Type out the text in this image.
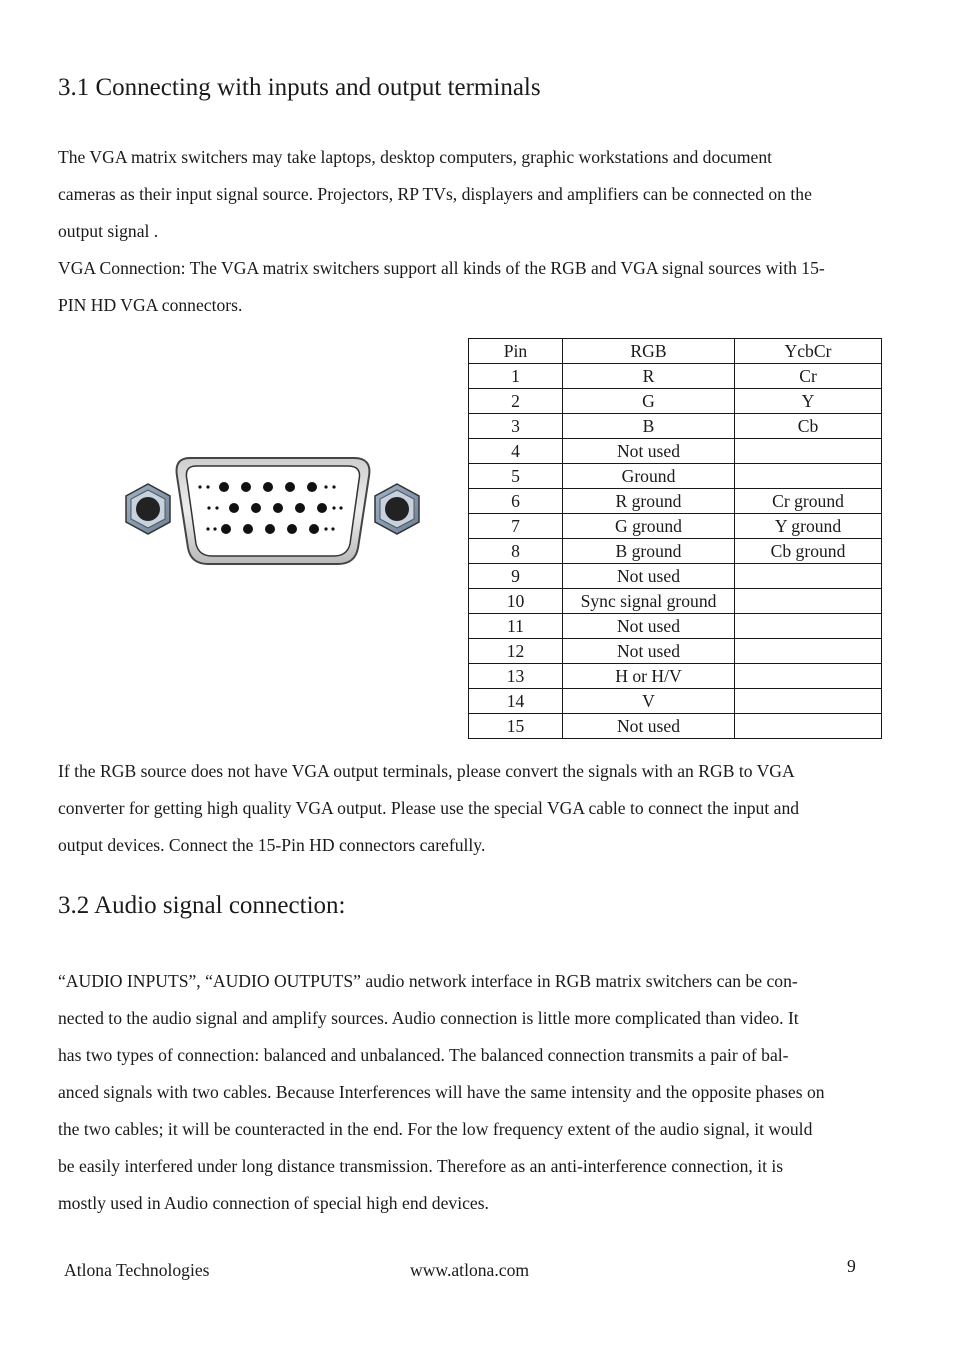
3.1 Connecting with inputs and output terminals

The VGA matrix switchers may take laptops, desktop computers, graphic workstations and document
cameras as their input signal source. Projectors, RP TVs, displayers and amplifiers can be connected on the
output signal .

VGA Connection: The VGA matrix switchers support all kinds of the RGB and VGA signal sources with 15-
PIN HD VGA connectors.

Pin	RGB	YcbCr
1	R	Cr
2	G	Y
3	B	Cb
4	Not used	
5	Ground	
6	R ground	Cr ground
7	G ground	Y ground
8	B ground	Cb ground
9	Not used	
10	Sync signal ground	
11	Not used	
12	Not used	
13	H or H/V	
14	V	
15	Not used	

If the RGB source does not have VGA output terminals, please convert the signals with an RGB to VGA
converter for getting high quality VGA output. Please use the special VGA cable to connect the input and
output devices. Connect the 15-Pin HD connectors carefully.

3.2 Audio signal connection:

“AUDIO INPUTS”, “AUDIO OUTPUTS” audio network interface in RGB matrix switchers can be con-
nected to the audio signal and amplify sources. Audio connection is little more complicated than video. It
has two types of connection: balanced and unbalanced. The balanced connection transmits a pair of bal-
anced signals with two cables. Because Interferences will have the same intensity and the opposite phases on
the two cables; it will be counteracted in the end. For the low frequency extent of the audio signal, it would
be easily interfered under long distance transmission. Therefore as an anti-interference connection, it is
mostly used in Audio connection of special high end devices.

Atlona Technologies	www.atlona.com	9
